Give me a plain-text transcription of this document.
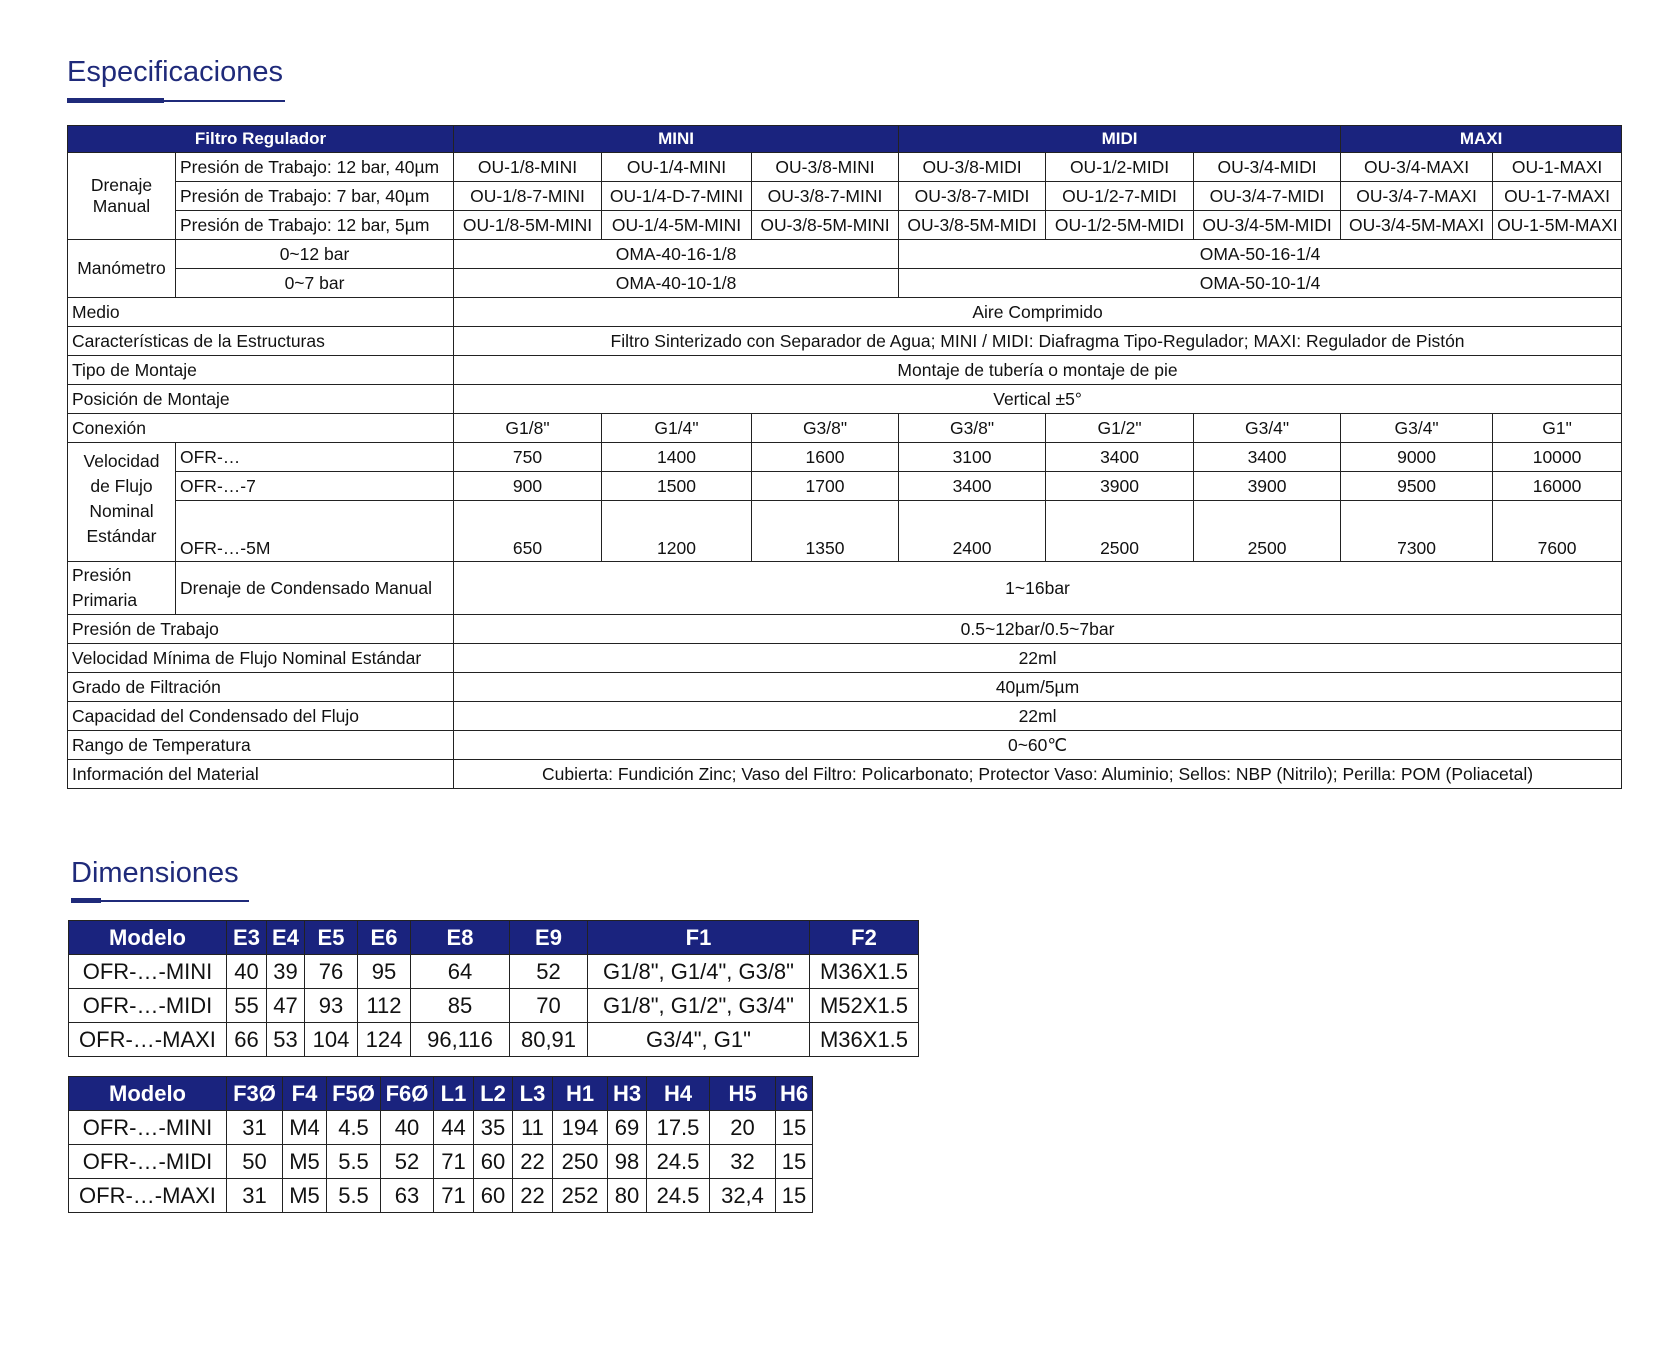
Especificaciones
Filtro Regulador		MINI			MIDI			MAXI	
Drenaje Manual	Presión de Trabajo: 12 bar, 40µm	OU-1/8-MINI	OU-1/4-MINI	OU-3/8-MINI	OU-3/8-MIDI	OU-1/2-MIDI	OU-3/4-MIDI	OU-3/4-MAXI	OU-1-MAXI
	Presión de Trabajo: 7 bar, 40µm	OU-1/8-7-MINI	OU-1/4-D-7-MINI	OU-3/8-7-MINI	OU-3/8-7-MIDI	OU-1/2-7-MIDI	OU-3/4-7-MIDI	OU-3/4-7-MAXI	OU-1-7-MAXI
	Presión de Trabajo: 12 bar, 5µm	OU-1/8-5M-MINI	OU-1/4-5M-MINI	OU-3/8-5M-MINI	OU-3/8-5M-MIDI	OU-1/2-5M-MIDI	OU-3/4-5M-MIDI	OU-3/4-5M-MAXI	OU-1-5M-MAXI
Manómetro	0~12 bar	OMA-40-16-1/8			OMA-50-16-1/4				
	0~7 bar	OMA-40-10-1/8			OMA-50-10-1/4				
Medio		Aire Comprimido							
Características de la Estructuras		Filtro Sinterizado con Separador de Agua; MINI / MIDI: Diafragma Tipo-Regulador; MAXI: Regulador de Pistón							
Tipo de Montaje		Montaje de tubería o montaje de pie							
Posición de Montaje		Vertical ±5°							
Conexión		G1/8"	G1/4"	G3/8"	G3/8"	G1/2"	G3/4"	G3/4"	G1"
Velocidad de Flujo Nominal Estándar	OFR-…	750	1400	1600	3100	3400	3400	9000	10000
	OFR-…-7	900	1500	1700	3400	3900	3900	9500	16000
	OFR-…-5M	650	1200	1350	2400	2500	2500	7300	7600
Presión Primaria	Drenaje de Condensado Manual	1~16bar							
Presión de Trabajo		0.5~12bar/0.5~7bar							
Velocidad Mínima de Flujo Nominal Estándar		22ml							
Grado de Filtración		40µm/5µm							
Capacidad del Condensado del Flujo		22ml							
Rango de Temperatura		0~60℃							
Información del Material		Cubierta: Fundición Zinc; Vaso del Filtro: Policarbonato; Protector Vaso: Aluminio; Sellos: NBP (Nitrilo); Perilla: POM (Poliacetal)							
Dimensiones
Modelo	E3	E4	E5	E6	E8	E9	F1	F2
OFR-…-MINI	40	39	76	95	64	52	G1/8", G1/4", G3/8"	M36X1.5
OFR-…-MIDI	55	47	93	112	85	70	G1/8", G1/2", G3/4"	M52X1.5
OFR-…-MAXI	66	53	104	124	96,116	80,91	G3/4", G1"	M36X1.5
Modelo	F3Ø	F4	F5Ø	F6Ø	L1	L2	L3	H1	H3	H4	H5	H6
OFR-…-MINI	31	M4	4.5	40	44	35	11	194	69	17.5	20	15
OFR-…-MIDI	50	M5	5.5	52	71	60	22	250	98	24.5	32	15
OFR-…-MAXI	31	M5	5.5	63	71	60	22	252	80	24.5	32,4	15
